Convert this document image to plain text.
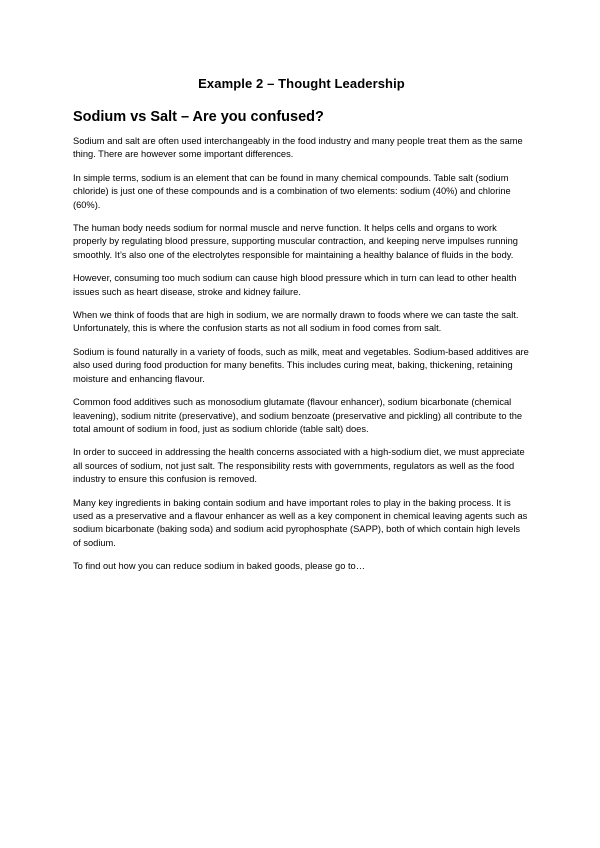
Example 2 – Thought Leadership
Sodium vs Salt – Are you confused?

Sodium and salt are often used interchangeably in the food industry and many people treat them as the same thing. There are however some important differences.

In simple terms, sodium is an element that can be found in many chemical compounds. Table salt (sodium chloride) is just one of these compounds and is a combination of two elements: sodium (40%) and chlorine (60%).

The human body needs sodium for normal muscle and nerve function. It helps cells and organs to work properly by regulating blood pressure, supporting muscular contraction, and keeping nerve impulses running smoothly. It’s also one of the electrolytes responsible for maintaining a healthy balance of fluids in the body.

However, consuming too much sodium can cause high blood pressure which in turn can lead to other health issues such as heart disease, stroke and kidney failure.

When we think of foods that are high in sodium, we are normally drawn to foods where we can taste the salt. Unfortunately, this is where the confusion starts as not all sodium in food comes from salt.

Sodium is found naturally in a variety of foods, such as milk, meat and vegetables. Sodium-based additives are also used during food production for many benefits. This includes curing meat, baking, thickening, retaining moisture and enhancing flavour.

Common food additives such as monosodium glutamate (flavour enhancer), sodium bicarbonate (chemical leavening), sodium nitrite (preservative), and sodium benzoate (preservative and pickling) all contribute to the total amount of sodium in food, just as sodium chloride (table salt) does.

In order to succeed in addressing the health concerns associated with a high-sodium diet, we must appreciate all sources of sodium, not just salt. The responsibility rests with governments, regulators as well as the food industry to ensure this confusion is removed.

Many key ingredients in baking contain sodium and have important roles to play in the baking process. It is used as a preservative and a flavour enhancer as well as a key component in chemical leaving agents such as sodium bicarbonate (baking soda) and sodium acid pyrophosphate (SAPP), both of which contain high levels of sodium.

To find out how you can reduce sodium in baked goods, please go to…
